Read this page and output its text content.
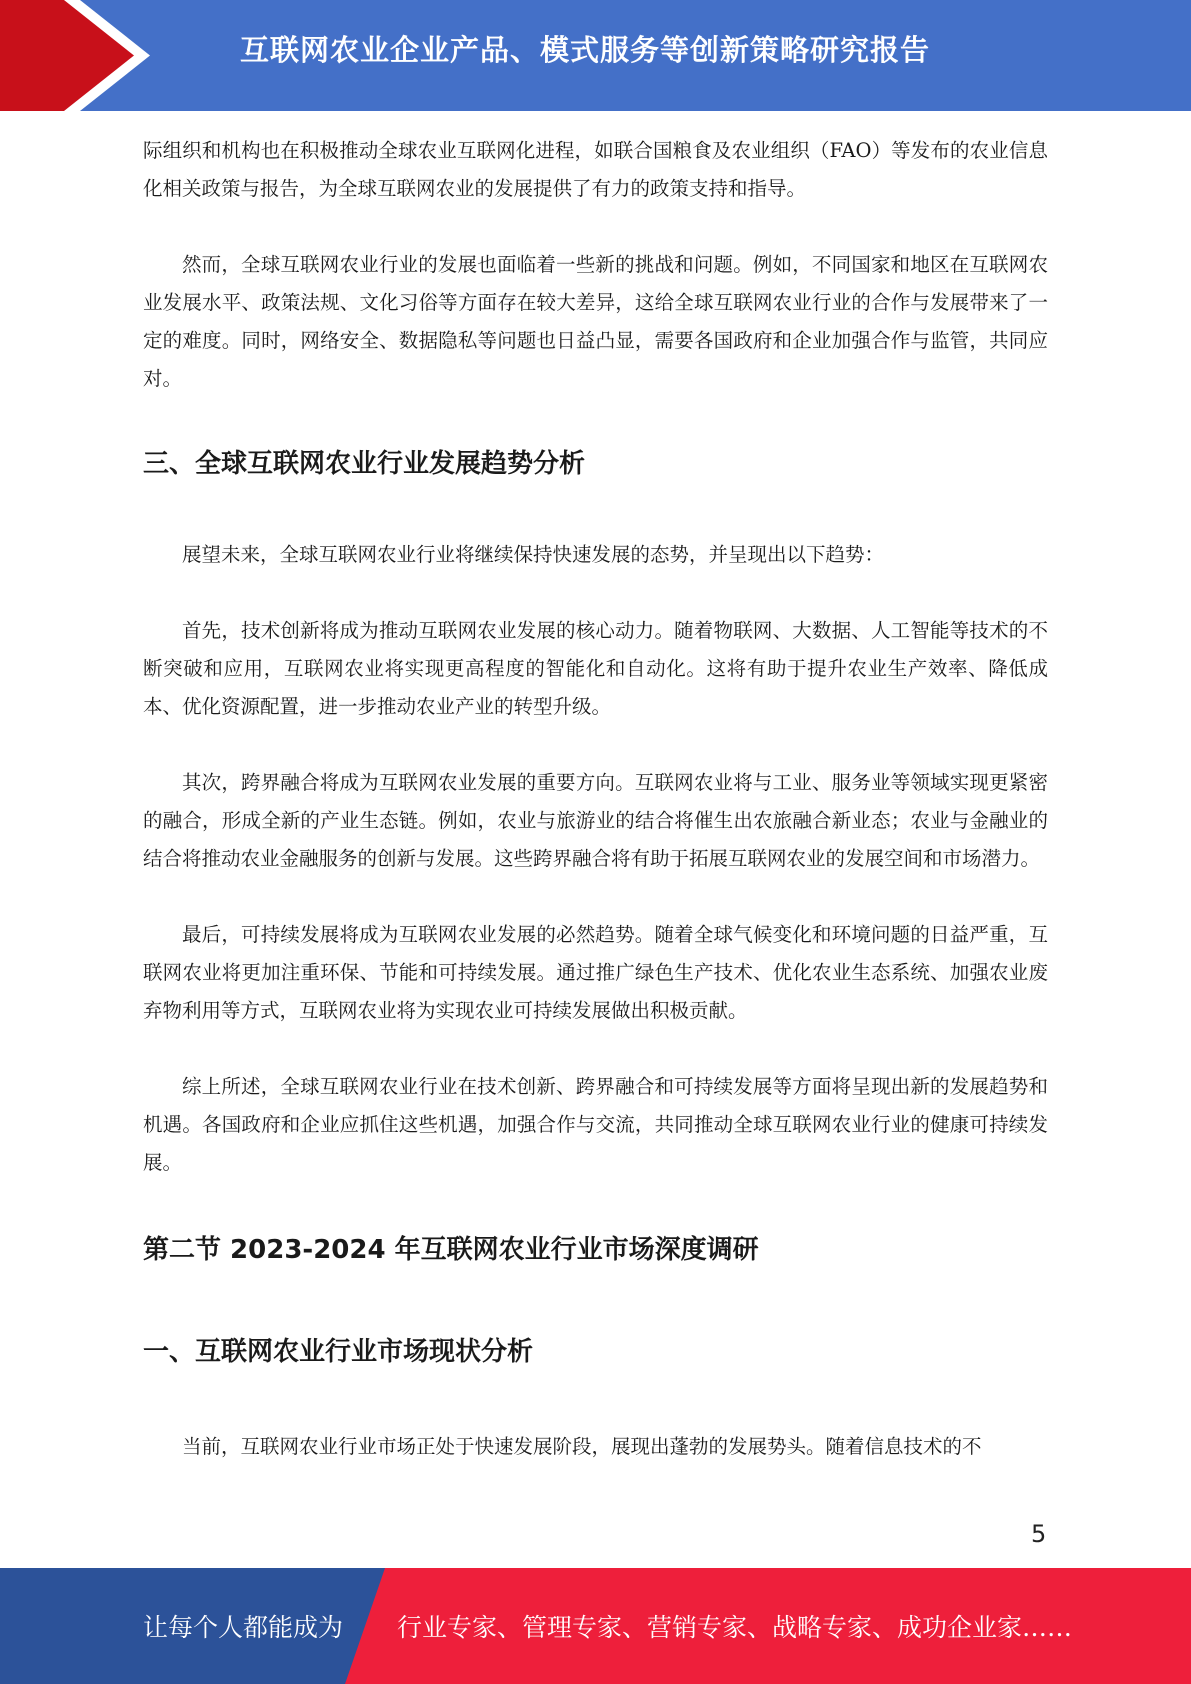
互联网农业企业产品、模式服务等创新策略研究报告

际组织和机构也在积极推动全球农业互联网化进程，如联合国粮食及农业组织（FAO）等发布的农业信息化相关政策与报告，为全球互联网农业的发展提供了有力的政策支持和指导。

然而，全球互联网农业行业的发展也面临着一些新的挑战和问题。例如，不同国家和地区在互联网农业发展水平、政策法规、文化习俗等方面存在较大差异，这给全球互联网农业行业的合作与发展带来了一定的难度。同时，网络安全、数据隐私等问题也日益凸显，需要各国政府和企业加强合作与监管，共同应对。

三、全球互联网农业行业发展趋势分析

展望未来，全球互联网农业行业将继续保持快速发展的态势，并呈现出以下趋势：

首先，技术创新将成为推动互联网农业发展的核心动力。随着物联网、大数据、人工智能等技术的不断突破和应用，互联网农业将实现更高程度的智能化和自动化。这将有助于提升农业生产效率、降低成本、优化资源配置，进一步推动农业产业的转型升级。

其次，跨界融合将成为互联网农业发展的重要方向。互联网农业将与工业、服务业等领域实现更紧密的融合，形成全新的产业生态链。例如，农业与旅游业的结合将催生出农旅融合新业态；农业与金融业的结合将推动农业金融服务的创新与发展。这些跨界融合将有助于拓展互联网农业的发展空间和市场潜力。

最后，可持续发展将成为互联网农业发展的必然趋势。随着全球气候变化和环境问题的日益严重，互联网农业将更加注重环保、节能和可持续发展。通过推广绿色生产技术、优化农业生态系统、加强农业废弃物利用等方式，互联网农业将为实现农业可持续发展做出积极贡献。

综上所述，全球互联网农业行业在技术创新、跨界融合和可持续发展等方面将呈现出新的发展趋势和机遇。各国政府和企业应抓住这些机遇，加强合作与交流，共同推动全球互联网农业行业的健康可持续发展。

第二节 2023-2024 年互联网农业行业市场深度调研
一、互联网农业行业市场现状分析

当前，互联网农业行业市场正处于快速发展阶段，展现出蓬勃的发展势头。随着信息技术的不

5
让每个人都能成为 行业专家、管理专家、营销专家、战略专家、成功企业家……
